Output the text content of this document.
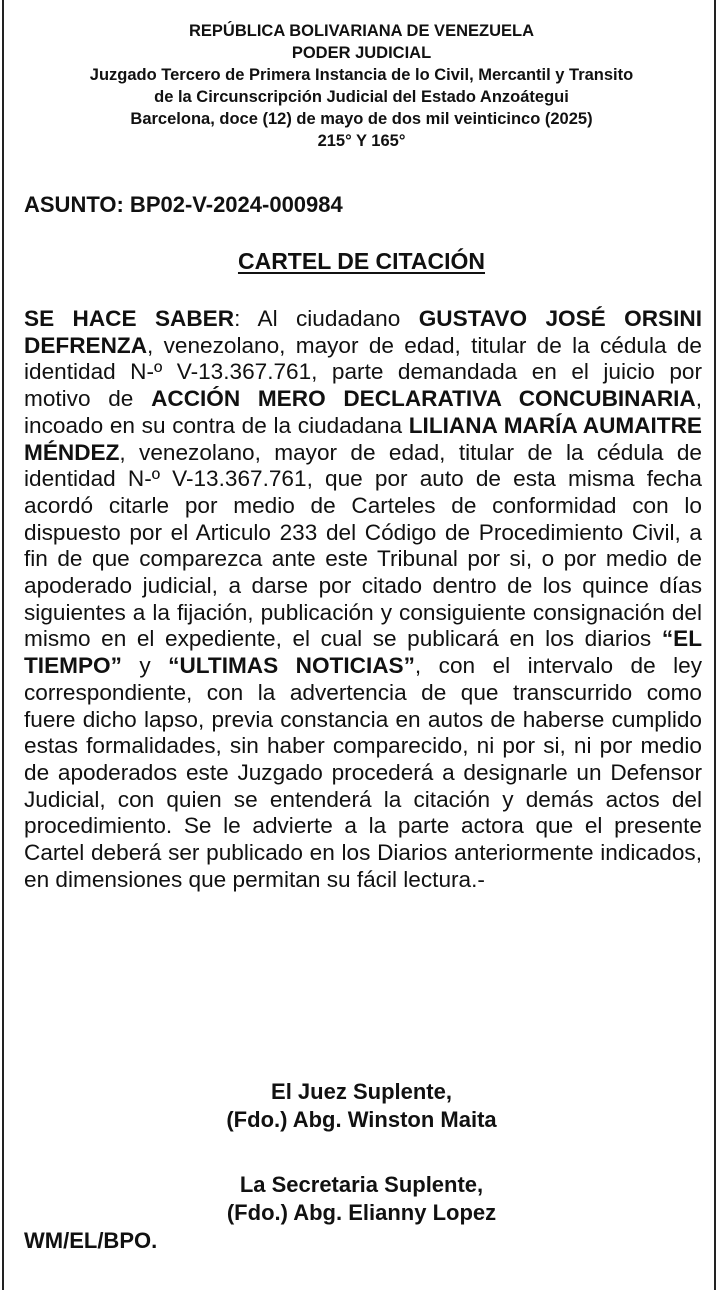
REPÚBLICA BOLIVARIANA DE VENEZUELA
PODER JUDICIAL
Juzgado Tercero de Primera Instancia de lo Civil, Mercantil y Transito
de la Circunscripción Judicial del Estado Anzoátegui
Barcelona, doce (12) de mayo de dos mil veinticinco (2025)
215° Y 165°
ASUNTO: BP02-V-2024-000984
CARTEL DE CITACIÓN
SE HACE SABER: Al ciudadano GUSTAVO JOSÉ ORSINI DEFRENZA, venezolano, mayor de edad, titular de la cédula de identidad N-º V-13.367.761, parte demandada en el juicio por motivo de ACCIÓN MERO DECLARATIVA CONCUBINARIA, incoado en su contra de la ciudadana LILIANA MARÍA AUMAITRE MÉNDEZ, venezolano, mayor de edad, titular de la cédula de identidad N-º V-13.367.761, que por auto de esta misma fecha acordó citarle por medio de Carteles de conformidad con lo dispuesto por el Articulo 233 del Código de Procedimiento Civil, a fin de que comparezca ante este Tribunal por si, o por medio de apoderado judicial, a darse por citado dentro de los quince días siguientes a la fijación, publicación y consiguiente consignación del mismo en el expediente, el cual se publicará en los diarios “EL TIEMPO” y “ULTIMAS NOTICIAS”, con el intervalo de ley correspondiente, con la advertencia de que transcurrido como fuere dicho lapso, previa constancia en autos de haberse cumplido estas formalidades, sin haber comparecido, ni por si, ni por medio de apoderados este Juzgado procederá a designarle un Defensor Judicial, con quien se entenderá la citación y demás actos del procedimiento. Se le advierte a la parte actora que el presente Cartel deberá ser publicado en los Diarios anteriormente indicados, en dimensiones que permitan su fácil lectura.-
El Juez Suplente,
(Fdo.) Abg. Winston Maita
La Secretaria Suplente,
(Fdo.) Abg. Elianny Lopez
WM/EL/BPO.
